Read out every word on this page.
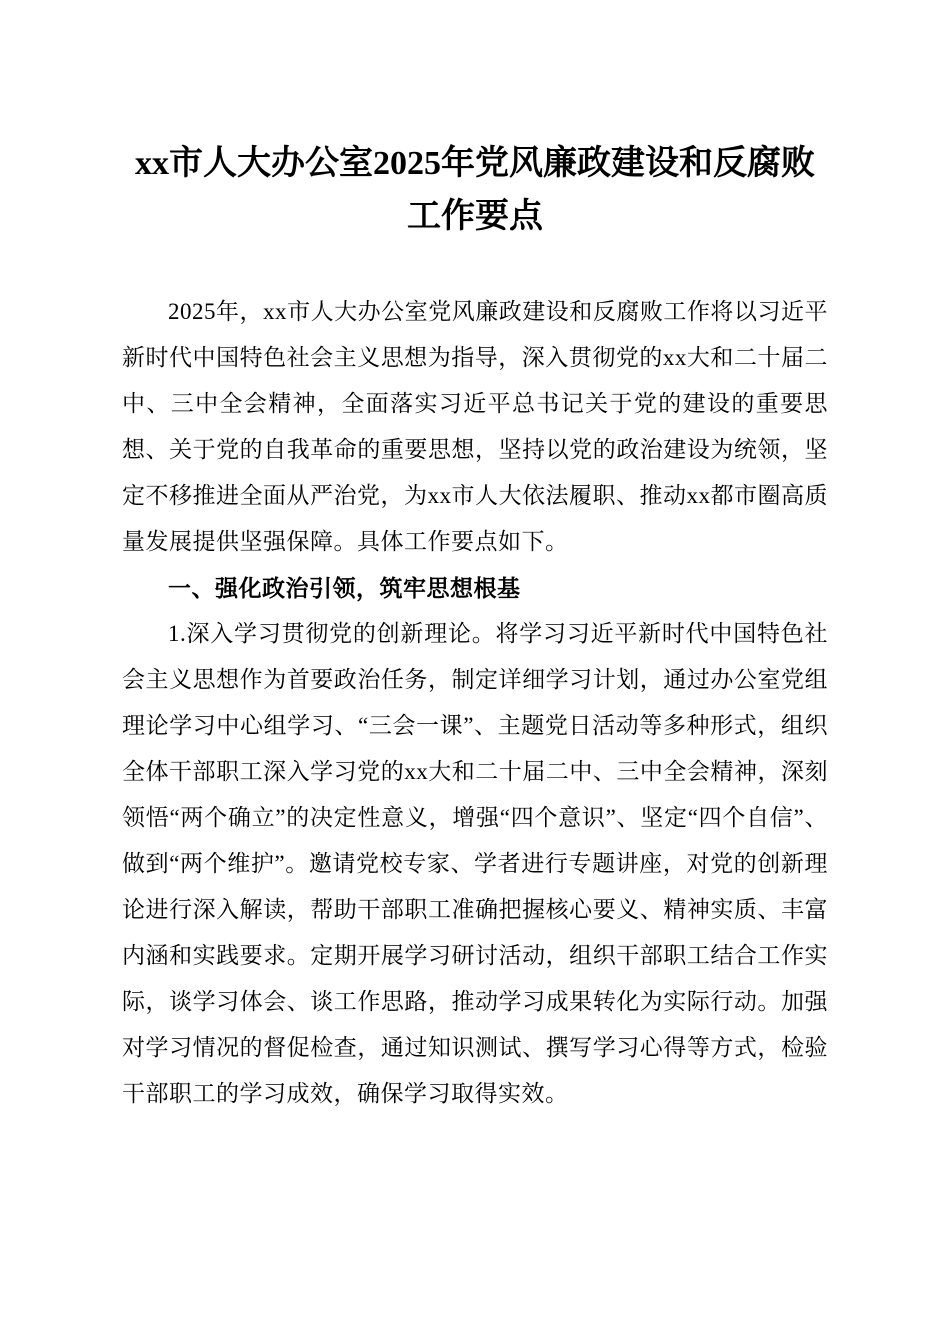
xx市人大办公室2025年党风廉政建设和反腐败工作要点

2025年，xx市人大办公室党风廉政建设和反腐败工作将以习近平新时代中国特色社会主义思想为指导，深入贯彻党的xx大和二十届二中、三中全会精神，全面落实习近平总书记关于党的建设的重要思想、关于党的自我革命的重要思想，坚持以党的政治建设为统领，坚定不移推进全面从严治党，为xx市人大依法履职、推动xx都市圈高质量发展提供坚强保障。具体工作要点如下。

一、强化政治引领，筑牢思想根基

1.深入学习贯彻党的创新理论。将学习习近平新时代中国特色社会主义思想作为首要政治任务，制定详细学习计划，通过办公室党组理论学习中心组学习、“三会一课”、主题党日活动等多种形式，组织全体干部职工深入学习党的xx大和二十届二中、三中全会精神，深刻领悟“两个确立”的决定性意义，增强“四个意识”、坚定“四个自信”、做到“两个维护”。邀请党校专家、学者进行专题讲座，对党的创新理论进行深入解读，帮助干部职工准确把握核心要义、精神实质、丰富内涵和实践要求。定期开展学习研讨活动，组织干部职工结合工作实际，谈学习体会、谈工作思路，推动学习成果转化为实际行动。加强对学习情况的督促检查，通过知识测试、撰写学习心得等方式，检验干部职工的学习成效，确保学习取得实效。
